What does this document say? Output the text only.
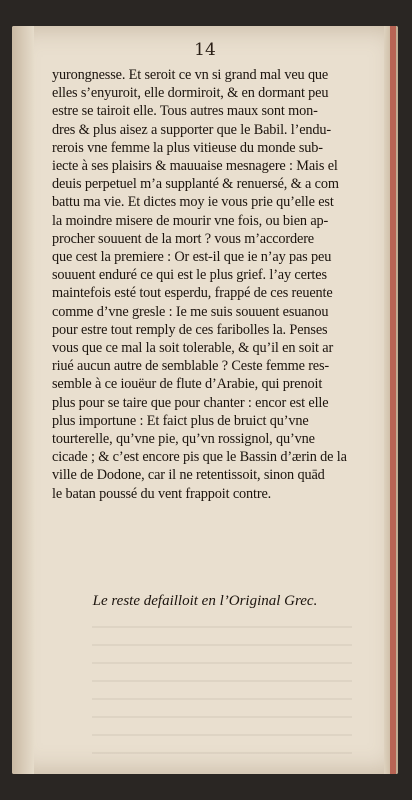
14
yurongnesse. Et seroit ce vn si grand mal veu que
elles s’enyuroit, elle dormiroit, & en dormant peu
estre se tairoit elle. Tous autres maux sont mon-
dres & plus aisez a supporter que le Babil. l’endu-
rerois vne femme la plus vitieuse du monde sub-
iecte à ses plaisirs & mauuaise mesnagere : Mais el
deuis perpetuel m’a supplanté & renuersé, & a com
battu ma vie. Et dictes moy ie vous prie qu’elle est
la moindre misere de mourir vne fois, ou bien ap-
procher souuent de la mort ? vous m’accordere
que cest la premiere : Or est-il que ie n’ay pas peu
souuent enduré ce qui est le plus grief. l’ay certes
maintefois esté tout esperdu, frappé de ces reuente
comme d’vne gresle : Ie me suis souuent esuanou
pour estre tout remply de ces faribolles la. Penses
vous que ce mal la soit tolerable, & qu’il en soit ar
riué aucun autre de semblable ? Ceste femme res-
semble à ce iouëur de flute d’Arabie, qui prenoit
plus pour se taire que pour chanter : encor est elle
plus importune : Et faict plus de bruict qu’vne
tourterelle, qu’vne pie, qu’vn rossignol, qu’vne
cicade ; & c’est encore pis que le Bassin d’ærin de la
ville de Dodone, car il ne retentissoit, sinon quād
le batan poussé du vent frappoit contre.
Le reste defailloit en l’Original Grec.
